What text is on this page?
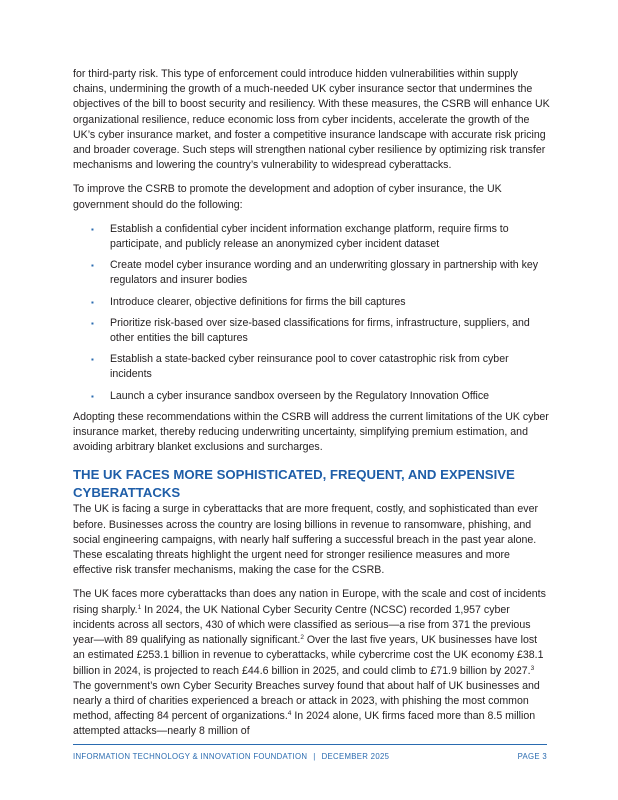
for third-party risk. This type of enforcement could introduce hidden vulnerabilities within supply chains, undermining the growth of a much-needed UK cyber insurance sector that undermines the objectives of the bill to boost security and resiliency. With these measures, the CSRB will enhance UK organizational resilience, reduce economic loss from cyber incidents, accelerate the growth of the UK’s cyber insurance market, and foster a competitive insurance landscape with accurate risk pricing and broader coverage. Such steps will strengthen national cyber resilience by optimizing risk transfer mechanisms and lowering the country’s vulnerability to widespread cyberattacks.

To improve the CSRB to promote the development and adoption of cyber insurance, the UK government should do the following:

▪ Establish a confidential cyber incident information exchange platform, require firms to participate, and publicly release an anonymized cyber incident dataset
▪ Create model cyber insurance wording and an underwriting glossary in partnership with key regulators and insurer bodies
▪ Introduce clearer, objective definitions for firms the bill captures
▪ Prioritize risk-based over size-based classifications for firms, infrastructure, suppliers, and other entities the bill captures
▪ Establish a state-backed cyber reinsurance pool to cover catastrophic risk from cyber incidents
▪ Launch a cyber insurance sandbox overseen by the Regulatory Innovation Office

Adopting these recommendations within the CSRB will address the current limitations of the UK cyber insurance market, thereby reducing underwriting uncertainty, simplifying premium estimation, and avoiding arbitrary blanket exclusions and surcharges.

THE UK FACES MORE SOPHISTICATED, FREQUENT, AND EXPENSIVE CYBERATTACKS

The UK is facing a surge in cyberattacks that are more frequent, costly, and sophisticated than ever before. Businesses across the country are losing billions in revenue to ransomware, phishing, and social engineering campaigns, with nearly half suffering a successful breach in the past year alone. These escalating threats highlight the urgent need for stronger resilience measures and more effective risk transfer mechanisms, making the case for the CSRB.

The UK faces more cyberattacks than does any nation in Europe, with the scale and cost of incidents rising sharply.$^1$ In 2024, the UK National Cyber Security Centre (NCSC) recorded 1,957 cyber incidents across all sectors, 430 of which were classified as serious—a rise from 371 the previous year—with 89 qualifying as nationally significant.$^2$ Over the last five years, UK businesses have lost an estimated £253.1 billion in revenue to cyberattacks, while cybercrime cost the UK economy £38.1 billion in 2024, is projected to reach £44.6 billion in 2025, and could climb to £71.9 billion by 2027.$^3$ The government’s own Cyber Security Breaches survey found that about half of UK businesses and nearly a third of charities experienced a breach or attack in 2023, with phishing the most common method, affecting 84 percent of organizations.$^4$ In 2024 alone, UK firms faced more than 8.5 million attempted attacks—nearly 8 million of

INFORMATION TECHNOLOGY & INNOVATION FOUNDATION | DECEMBER 2025	PAGE 3
